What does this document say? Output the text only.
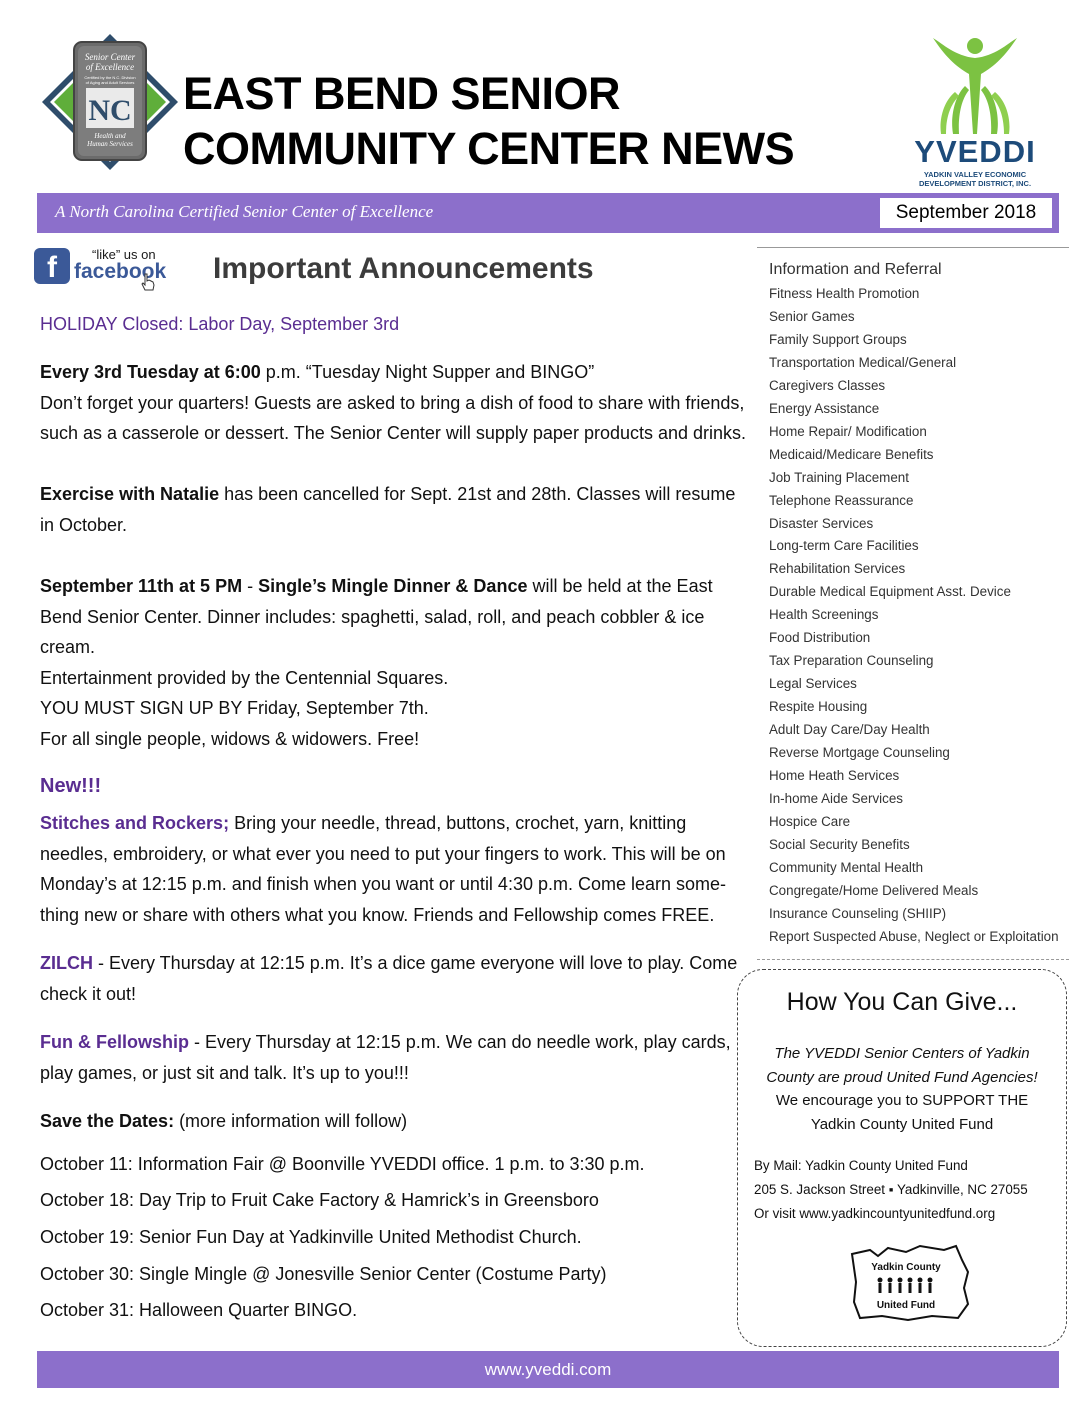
Senior Center
of Excellence
Certified by the N.C. Division
of Aging and Adult Services
NC
Health and
Human Services
EAST BEND SENIOR
COMMUNITY CENTER NEWS	YVEDDI
YADKIN VALLEY ECONOMIC
DEVELOPMENT DISTRICT, INC.
A North Carolina Certified Senior Center of Excellence	September 2018
f	“like” us on
facebook Important Announcements
HOLIDAY Closed: Labor Day, September 3rd
Every 3rd Tuesday at 6:00 p.m. “Tuesday Night Supper and BINGO”
Don’t forget your quarters! Guests are asked to bring a dish of food to share with friends,
such as a casserole or dessert. The Senior Center will supply paper products and drinks.
Exercise with Natalie has been cancelled for Sept. 21st and 28th. Classes will resume
in October.
September 11th at 5 PM - Single’s Mingle Dinner & Dance will be held at the East
Bend Senior Center. Dinner includes: spaghetti, salad, roll, and peach cobbler & ice
cream.
Entertainment provided by the Centennial Squares.
YOU MUST SIGN UP BY Friday, September 7th.
For all single people, widows & widowers. Free!
New!!!
Stitches and Rockers; Bring your needle, thread, buttons, crochet, yarn, knitting
needles, embroidery, or what ever you need to put your fingers to work. This will be on
Monday’s at 12:15 p.m. and finish when you want or until 4:30 p.m. Come learn some-
thing new or share with others what you know. Friends and Fellowship comes FREE.
ZILCH - Every Thursday at 12:15 p.m. It’s a dice game everyone will love to play. Come
check it out!
Fun & Fellowship - Every Thursday at 12:15 p.m. We can do needle work, play cards,
play games, or just sit and talk. It’s up to you!!!
Save the Dates: (more information will follow)
October 11: Information Fair @ Boonville YVEDDI office. 1 p.m. to 3:30 p.m.
October 18: Day Trip to Fruit Cake Factory & Hamrick’s in Greensboro
October 19: Senior Fun Day at Yadkinville United Methodist Church.
October 30: Single Mingle @ Jonesville Senior Center (Costume Party)
October 31: Halloween Quarter BINGO.
Information and Referral
Fitness Health Promotion
Senior Games
Family Support Groups
Transportation Medical/General
Caregivers Classes
Energy Assistance
Home Repair/ Modification
Medicaid/Medicare Benefits
Job Training Placement
Telephone Reassurance
Disaster Services
Long-term Care Facilities
Rehabilitation Services
Durable Medical Equipment Asst. Device
Health Screenings
Food Distribution
Tax Preparation Counseling
Legal Services
Respite Housing
Adult Day Care/Day Health
Reverse Mortgage Counseling
Home Heath Services
In-home Aide Services
Hospice Care
Social Security Benefits
Community Mental Health
Congregate/Home Delivered Meals
Insurance Counseling (SHIIP)
Report Suspected Abuse, Neglect or Exploitation
How You Can Give...
The YVEDDI Senior Centers of Yadkin
County are proud United Fund Agencies!
We encourage you to SUPPORT THE
Yadkin County United Fund
By Mail: Yadkin County United Fund
205 S. Jackson Street ▪ Yadkinville, NC 27055
Or visit www.yadkincountyunitedfund.org
Yadkin County
United Fund
www.yveddi.com
